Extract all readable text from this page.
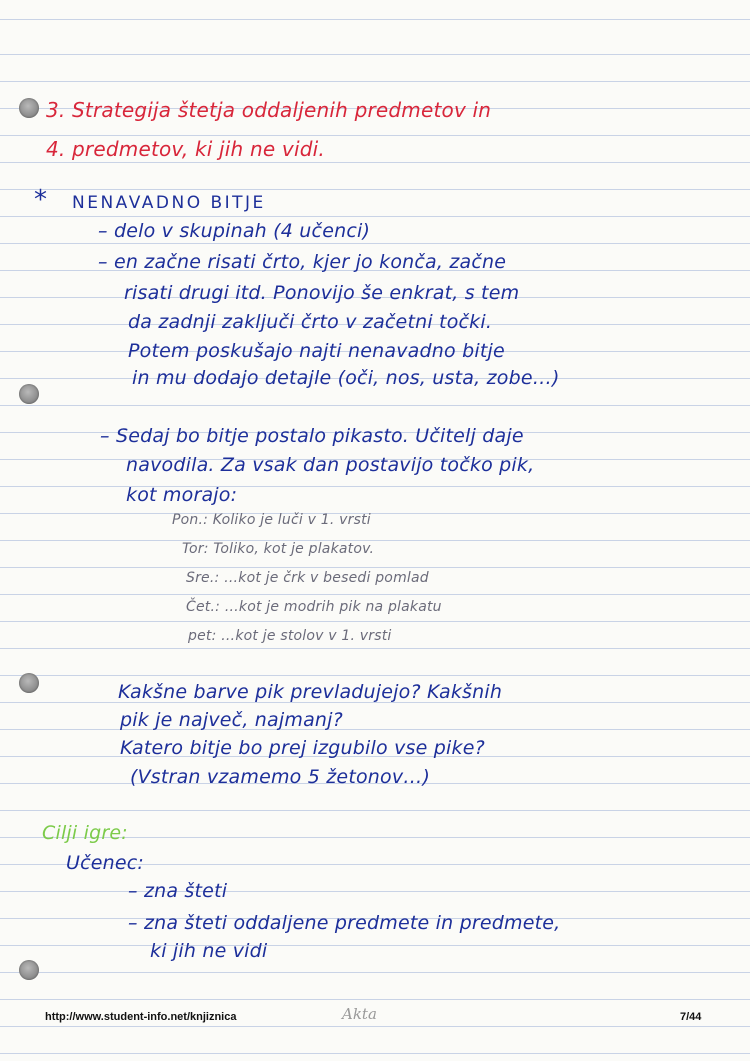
3. Strategija štetja oddaljenih predmetov in
4. predmetov, ki jih ne vidi.
* NENAVADNO BITJE
– delo v skupinah (4 učenci)
– en začne risati črto, kjer jo konča, začne
risati drugi itd. Ponovijo še enkrat, s tem
da zadnji zaključi črto v začetni točki.
Potem poskušajo najti nenavadno bitje
in mu dodajo detajle (oči, nos, usta, zobe…)
– Sedaj bo bitje postalo pikasto. Učitelj daje
navodila. Za vsak dan postavijo točko pik,
kot morajo:
Pon.: Koliko je luči v 1. vrsti
Tor: Toliko, kot je plakatov.
Sre.: …kot je črk v besedi pomlad
Čet.: …kot je modrih pik na plakatu
pet: …kot je stolov v 1. vrsti
Kakšne barve pik prevladujejo? Kakšnih
pik je največ, najmanj?
Katero bitje bo prej izgubilo vse pike?
(Vstran vzamemo 5 žetonov…)
Cilji igre:
Učenec:
– zna šteti
– zna šteti oddaljene predmete in predmete,
ki jih ne vidi
http://www.student-info.net/knjiznica	Akta	7/44
